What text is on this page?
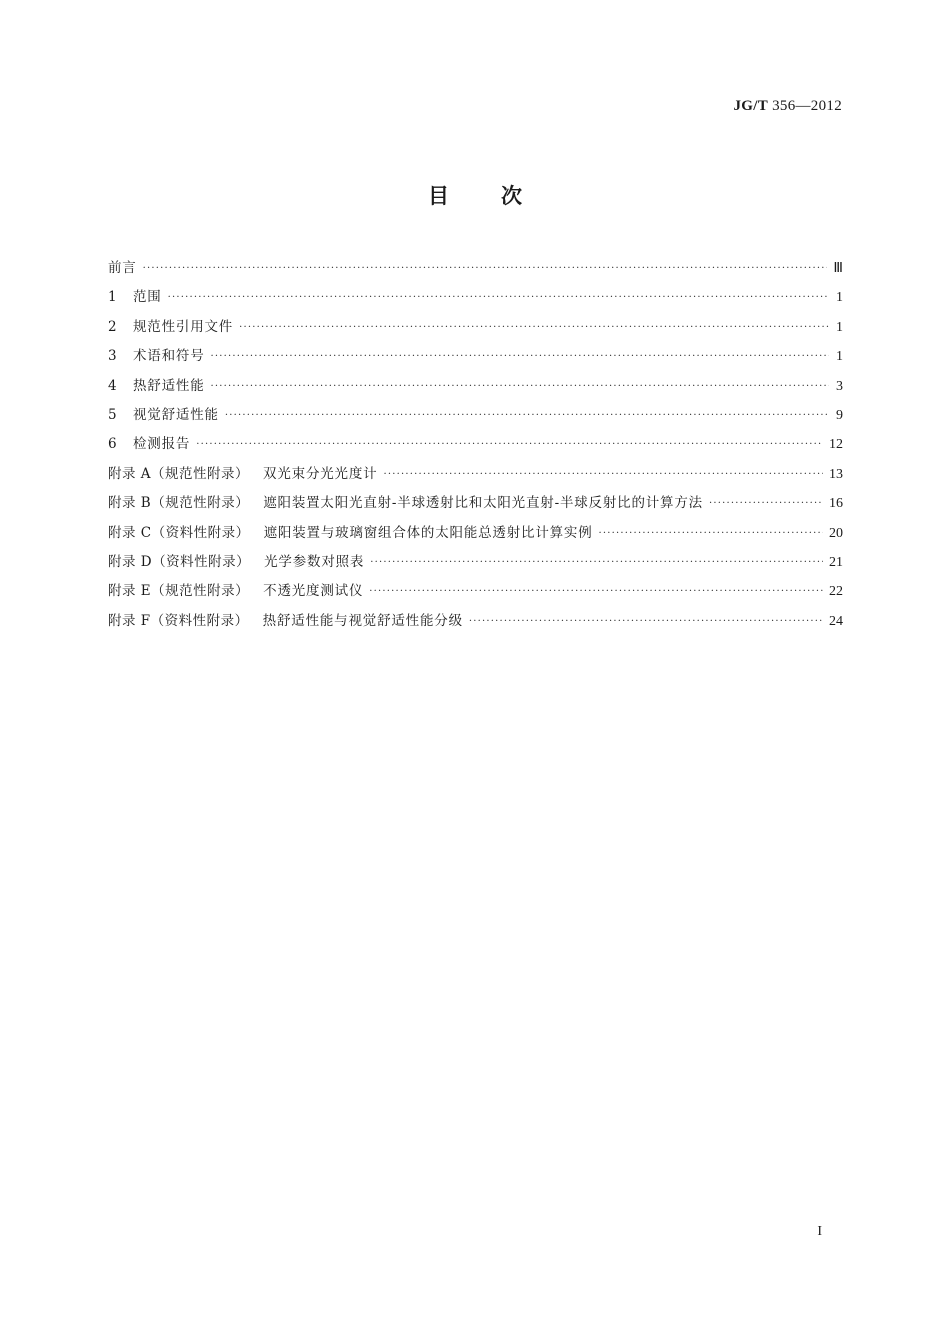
JG/T 356—2012
目次
前言 ·····	Ⅲ
1	范围 ·····	1
2	规范性引用文件 ·····	1
3	术语和符号 ·····	1
4	热舒适性能 ·····	3
5	视觉舒适性能 ·····	9
6	检测报告 ·····	12
附录 A（规范性附录）	双光束分光光度计 ·····	13
附录 B（规范性附录）	遮阳装置太阳光直射-半球透射比和太阳光直射-半球反射比的计算方法 ·····	16
附录 C（资料性附录）	遮阳装置与玻璃窗组合体的太阳能总透射比计算实例 ·····	20
附录 D（资料性附录）	光学参数对照表 ·····	21
附录 E（规范性附录）	不透光度测试仪 ·····	22
附录 F（资料性附录）	热舒适性能与视觉舒适性能分级 ·····	24
I
